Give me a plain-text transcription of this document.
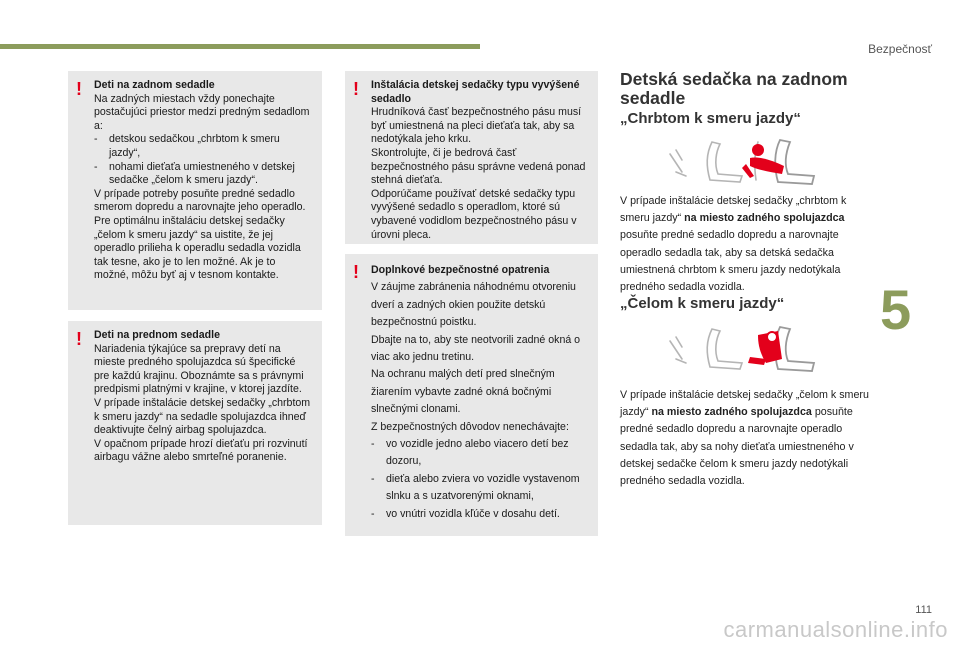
Bezpečnosť
5
! Deti na zadnom sedadle

Na zadných miestach vždy ponechajte postačujúci priestor medzi predným sedadlom a:

- detskou sedačkou „chrbtom k smeru jazdy“,
- nohami dieťaťa umiestneného v detskej sedačke „čelom k smeru jazdy“.

V prípade potreby posuňte predné sedadlo smerom dopredu a narovnajte jeho operadlo.

Pre optimálnu inštaláciu detskej sedačky „čelom k smeru jazdy“ sa uistite, že jej operadlo prilieha k operadlu sedadla vozidla tak tesne, ako je to len možné. Ak je to možné, môžu byť aj v tesnom kontakte.

! Deti na prednom sedadle

Nariadenia týkajúce sa prepravy detí na mieste predného spolujazdca sú špecifické pre každú krajinu. Oboznámte sa s právnymi predpismi platnými v krajine, v ktorej jazdíte.

V prípade inštalácie detskej sedačky „chrbtom k smeru jazdy“ na sedadle spolujazdca ihneď deaktivujte čelný airbag spolujazdca.

V opačnom prípade hrozí dieťaťu pri rozvinutí airbagu vážne alebo smrteľné poranenie.

! Inštalácia detskej sedačky typu vyvýšené sedadlo

Hrudníková časť bezpečnostného pásu musí byť umiestnená na pleci dieťaťa tak, aby sa nedotýkala jeho krku.

Skontrolujte, či je bedrová časť bezpečnostného pásu správne vedená ponad stehná dieťaťa.

Odporúčame používať detské sedačky typu vyvýšené sedadlo s operadlom, ktoré sú vybavené vodidlom bezpečnostného pásu v úrovni pleca.

! Doplnkové bezpečnostné opatrenia

V záujme zabránenia náhodnému otvoreniu dverí a zadných okien použite detskú bezpečnostnú poistku.

Dbajte na to, aby ste neotvorili zadné okná o viac ako jednu tretinu.

Na ochranu malých detí pred slnečným žiarením vybavte zadné okná bočnými slnečnými clonami.

Z bezpečnostných dôvodov nenechávajte:

- vo vozidle jedno alebo viacero detí bez dozoru,
- dieťa alebo zviera vo vozidle vystavenom slnku a s uzatvorenými oknami,
- vo vnútri vozidla kľúče v dosahu detí.
Detská sedačka na zadnom sedadle
„Chrbtom k smeru jazdy“
V prípade inštalácie detskej sedačky „chrbtom k smeru jazdy“ na miesto zadného spolujazdca posuňte predné sedadlo dopredu a narovnajte operadlo sedadla tak, aby sa detská sedačka umiestnená chrbtom k smeru jazdy nedotýkala predného sedadla vozidla.
„Čelom k smeru jazdy“
V prípade inštalácie detskej sedačky „čelom k smeru jazdy“ na miesto zadného spolujazdca posuňte predné sedadlo dopredu a narovnajte operadlo sedadla tak, aby sa nohy dieťaťa umiestneného v detskej sedačke čelom k smeru jazdy nedotýkali predného sedadla vozidla.
111
carmanualsonline.info
